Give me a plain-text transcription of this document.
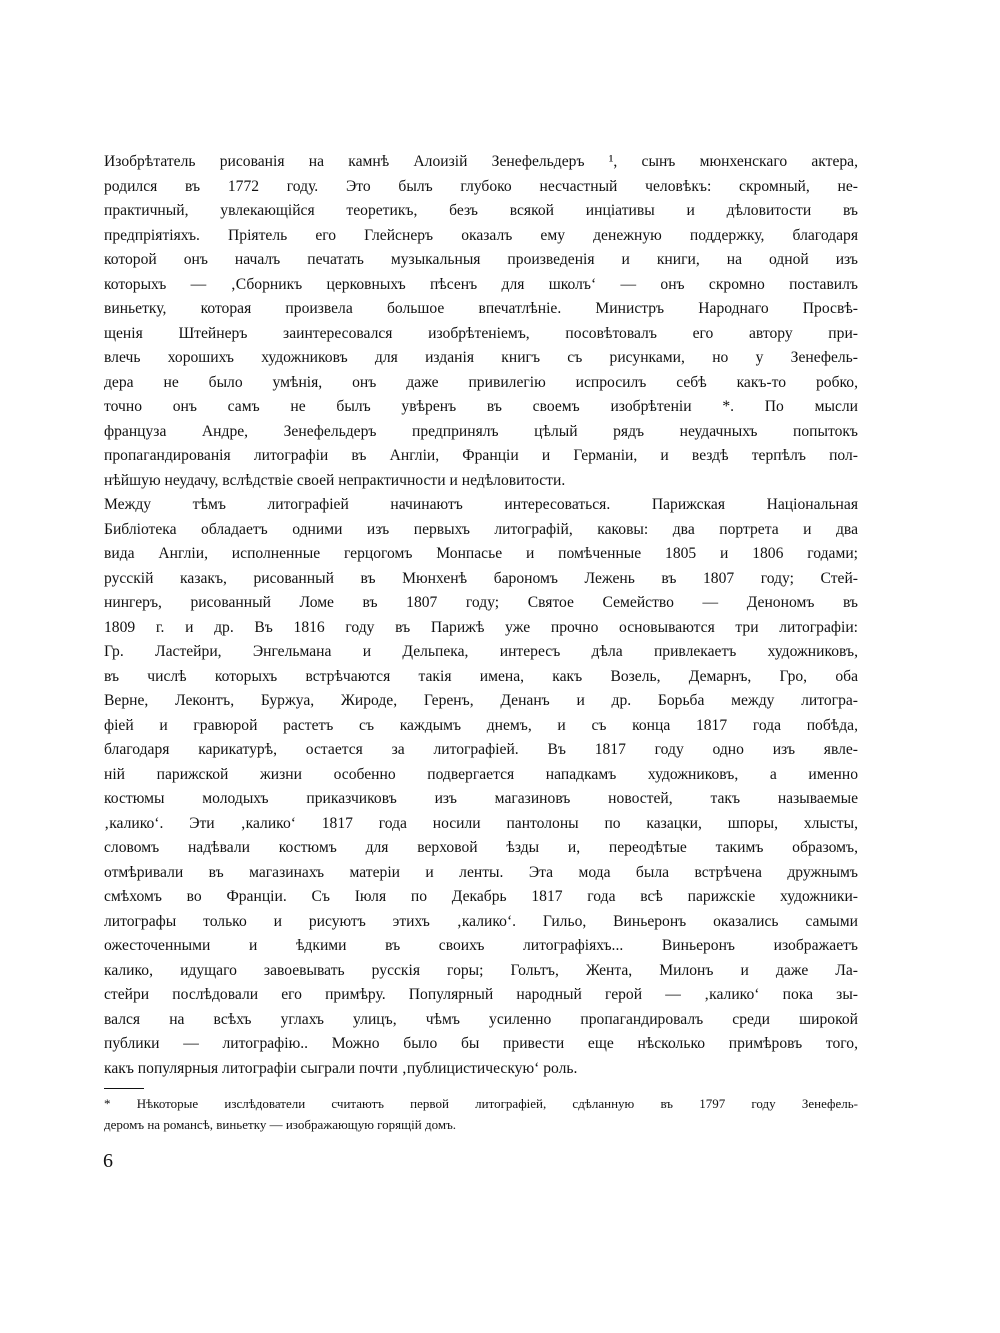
Изобрѣтатель рисованія на камнѣ Алоизій Зенефельдеръ ¹, сынъ мюнхенскаго актера,
родился въ 1772 году. Это былъ глубоко несчастный человѣкъ: скромный, не-
практичный, увлекающійся теоретикъ, безъ всякой инціативы и дѣловитости въ
предпріятіяхъ. Пріятель его Глейснеръ оказалъ ему денежную поддержку, благодаря
которой онъ началъ печатать музыкальныя произведенія и книги, на одной изъ
которыхъ — ‚Сборникъ церковныхъ пѣсенъ для школъ‘ — онъ скромно поставилъ
виньетку, которая произвела большое впечатлѣніе. Министръ Народнаго Просвѣ-
щенія Штейнеръ заинтересовался изобрѣтеніемъ, посовѣтовалъ его автору при-
влечь хорошихъ художниковъ для изданія книгъ съ рисунками, но у Зенефель-
дера не было умѣнія, онъ даже привилегію испросилъ себѣ какъ-то робко,
точно онъ самъ не былъ увѣренъ въ своемъ изобрѣтеніи *. По мысли
француза Андре, Зенефельдеръ предпринялъ цѣлый рядъ неудачныхъ попытокъ
пропагандированія литографіи въ Англіи, Франціи и Германіи, и вездѣ терпѣлъ пол-
нѣйшую неудачу, вслѣдствіе своей непрактичности и недѣловитости.
Между тѣмъ литографіей начинаютъ интересоваться. Парижская Національная
Библіотека обладаетъ одними изъ первыхъ литографій, каковы: два портрета и два
вида Англіи, исполненные герцогомъ Монпасье и помѣченные 1805 и 1806 годами;
русскій казакъ, рисованный въ Мюнхенѣ барономъ Лежень въ 1807 году; Стей-
нингеръ, рисованный Ломе въ 1807 году; Святое Семейство — Денономъ въ
1809 г. и др. Въ 1816 году въ Парижѣ уже прочно основываются три литографіи:
Гр. Ластейри, Энгельмана и Дельпека, интересъ дѣла привлекаетъ художниковъ,
въ числѣ которыхъ встрѣчаются такія имена, какъ Возель, Демарнъ, Гро, оба
Верне, Леконтъ, Буржуа, Жироде, Геренъ, Денанъ и др. Борьба между литогра-
фіей и гравюрой растетъ съ каждымъ днемъ, и съ конца 1817 года побѣда,
благодаря карикатурѣ, остается за литографіей. Въ 1817 году одно изъ явле-
ній парижской жизни особенно подвергается нападкамъ художниковъ, а именно
костюмы молодыхъ приказчиковъ изъ магазиновъ новостей, такъ называемые
‚калико‘. Эти ‚калико‘ 1817 года носили пантолоны по казацки, шпоры, хлысты,
словомъ надѣвали костюмъ для верховой ѣзды и, переодѣтые такимъ образомъ,
отмѣривали въ магазинахъ матеріи и ленты. Эта мода была встрѣчена дружнымъ
смѣхомъ во Франціи. Съ Іюля по Декабрь 1817 года всѣ парижскіе художники-
литографы только и рисуютъ этихъ ‚калико‘. Гильо, Виньеронъ оказались самыми
ожесточенными и ѣдкими въ своихъ литографіяхъ... Виньеронъ изображаетъ
калико, идущаго завоевывать русскія горы; Гольтъ, Жента, Милонъ и даже Ла-
стейри послѣдовали его примѣру. Популярный народный герой — ‚калико‘ пока зы-
вался на всѣхъ углахъ улицъ, чѣмъ усиленно пропагандировалъ среди широкой
публики — литографію.. Можно было бы привести еще нѣсколько примѣровъ того,
какъ популярныя литографіи сыграли почти ‚публицистическую‘ роль.
* Нѣкоторые изслѣдователи считаютъ первой литографіей, сдѣланную въ 1797 году Зенефель-
деромъ на романсѣ, виньетку — изображающую горящій домъ.
6
